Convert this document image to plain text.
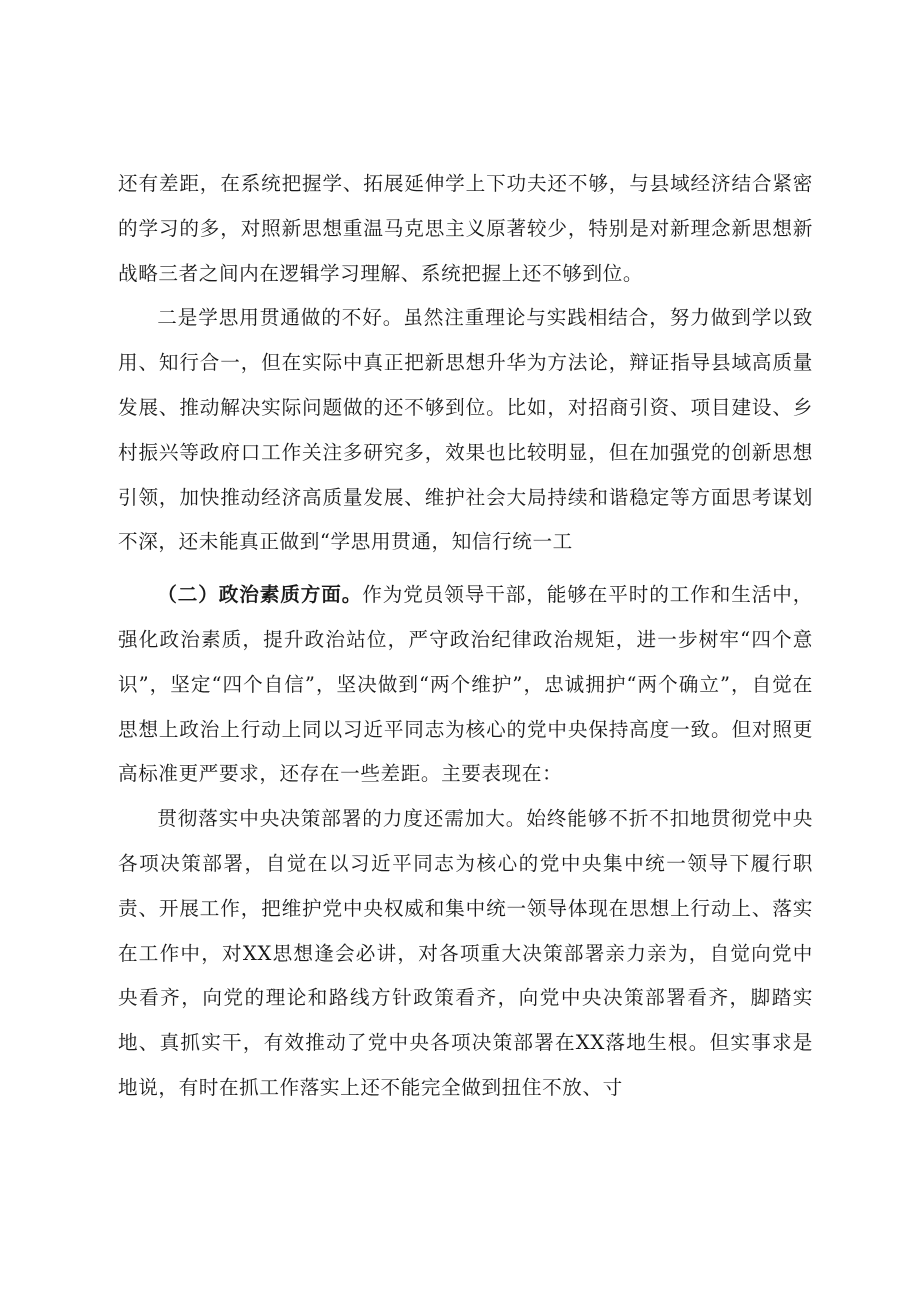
还有差距，在系统把握学、拓展延伸学上下功夫还不够，与县域经济结合紧密的学习的多，对照新思想重温马克思主义原著较少，特别是对新理念新思想新战略三者之间内在逻辑学习理解、系统把握上还不够到位。

二是学思用贯通做的不好。虽然注重理论与实践相结合，努力做到学以致用、知行合一，但在实际中真正把新思想升华为方法论，辩证指导县域高质量发展、推动解决实际问题做的还不够到位。比如，对招商引资、项目建设、乡村振兴等政府口工作关注多研究多，效果也比较明显，但在加强党的创新思想引领，加快推动经济高质量发展、维护社会大局持续和谐稳定等方面思考谋划不深，还未能真正做到“学思用贯通，知信行统一工

（二）政治素质方面。作为党员领导干部，能够在平时的工作和生活中，强化政治素质，提升政治站位，严守政治纪律政治规矩，进一步树牢“四个意识”，坚定“四个自信”，坚决做到“两个维护”，忠诚拥护“两个确立”，自觉在思想上政治上行动上同以习近平同志为核心的党中央保持高度一致。但对照更高标准更严要求，还存在一些差距。主要表现在：

贯彻落实中央决策部署的力度还需加大。始终能够不折不扣地贯彻党中央各项决策部署，自觉在以习近平同志为核心的党中央集中统一领导下履行职责、开展工作，把维护党中央权威和集中统一领导体现在思想上行动上、落实在工作中，对XX思想逢会必讲，对各项重大决策部署亲力亲为，自觉向党中央看齐，向党的理论和路线方针政策看齐，向党中央决策部署看齐，脚踏实地、真抓实干，有效推动了党中央各项决策部署在XX落地生根。但实事求是地说，有时在抓工作落实上还不能完全做到扭住不放、寸
